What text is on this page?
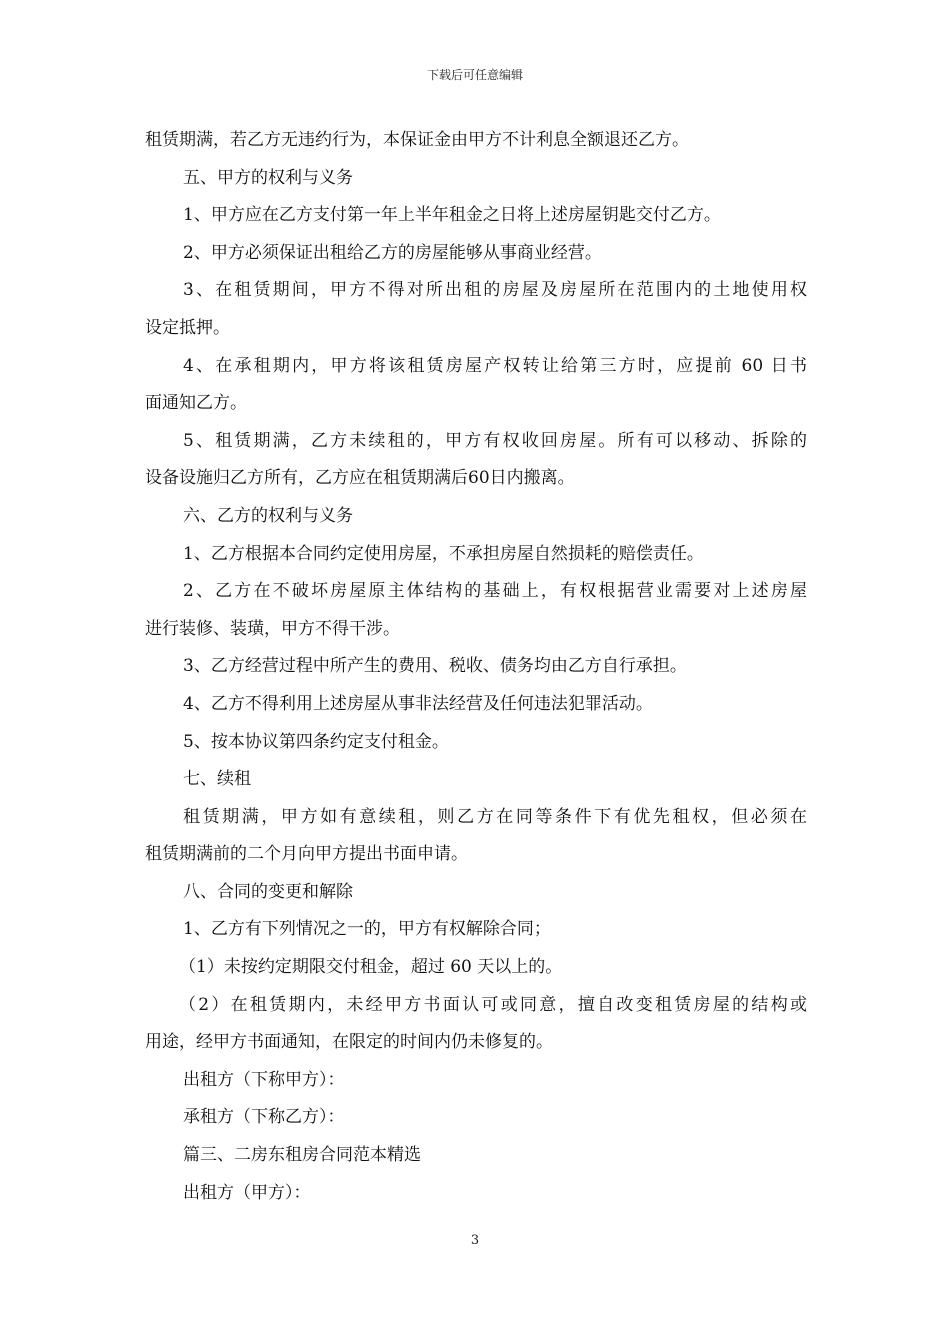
下载后可任意编辑
租赁期满，若乙方无违约行为，本保证金由甲方不计利息全额退还乙方。
五、甲方的权利与义务
1、甲方应在乙方支付第一年上半年租金之日将上述房屋钥匙交付乙方。
2、甲方必须保证出租给乙方的房屋能够从事商业经营。
3、在租赁期间，甲方不得对所出租的房屋及房屋所在范围内的土地使用权
设定抵押。
4、在承租期内，甲方将该租赁房屋产权转让给第三方时，应提前 60 日书
面通知乙方。
5、租赁期满，乙方未续租的，甲方有权收回房屋。所有可以移动、拆除的
设备设施归乙方所有，乙方应在租赁期满后60日内搬离。
六、乙方的权利与义务
1、乙方根据本合同约定使用房屋，不承担房屋自然损耗的赔偿责任。
2、乙方在不破坏房屋原主体结构的基础上，有权根据营业需要对上述房屋
进行装修、装璜，甲方不得干涉。
3、乙方经营过程中所产生的费用、税收、债务均由乙方自行承担。
4、乙方不得利用上述房屋从事非法经营及任何违法犯罪活动。
5、按本协议第四条约定支付租金。
七、续租
租赁期满，甲方如有意续租，则乙方在同等条件下有优先租权，但必须在
租赁期满前的二个月向甲方提出书面申请。
八、合同的变更和解除
1、乙方有下列情况之一的，甲方有权解除合同；
（1）未按约定期限交付租金，超过 60 天以上的。
（2）在租赁期内，未经甲方书面认可或同意，擅自改变租赁房屋的结构或
用途，经甲方书面通知，在限定的时间内仍未修复的。
出租方（下称甲方）：
承租方（下称乙方）：
篇三、二房东租房合同范本精选
出租方（甲方）：
3
